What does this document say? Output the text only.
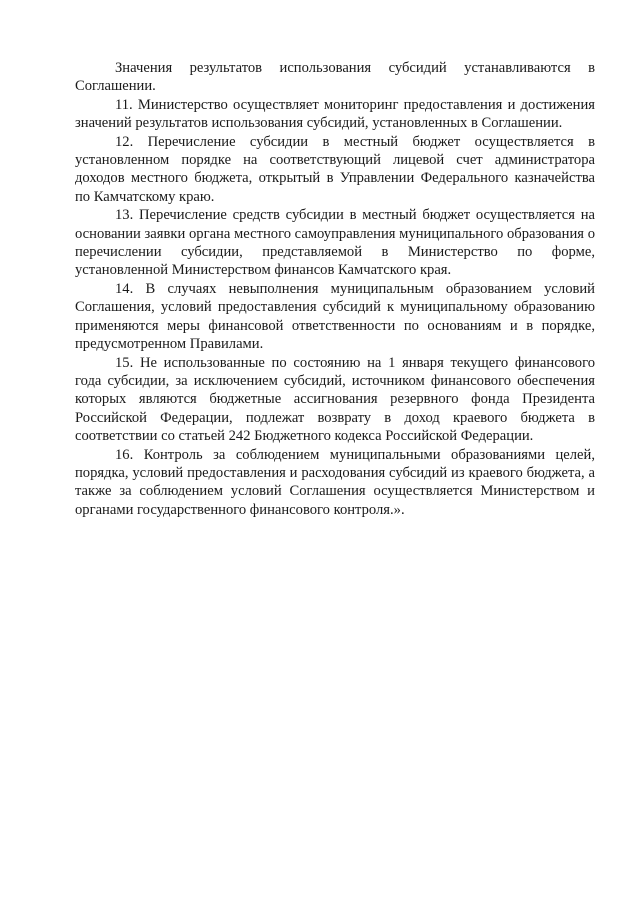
Значения результатов использования субсидий устанавливаются в Соглашении.

11. Министерство осуществляет мониторинг предоставления и достижения значений результатов использования субсидий, установленных в Соглашении.

12. Перечисление субсидии в местный бюджет осуществляется в установленном порядке на соответствующий лицевой счет администратора доходов местного бюджета, открытый в Управлении Федерального казначейства по Камчатскому краю.

13. Перечисление средств субсидии в местный бюджет осуществляется на основании заявки органа местного самоуправления муниципального образования о перечислении субсидии, представляемой в Министерство по форме, установленной Министерством финансов Камчатского края.

14. В случаях невыполнения муниципальным образованием условий Соглашения, условий предоставления субсидий к муниципальному образованию применяются меры финансовой ответственности по основаниям и в порядке, предусмотренном Правилами.

15. Не использованные по состоянию на 1 января текущего финансового года субсидии, за исключением субсидий, источником финансового обеспечения которых являются бюджетные ассигнования резервного фонда Президента Российской Федерации, подлежат возврату в доход краевого бюджета в соответствии со статьей 242 Бюджетного кодекса Российской Федерации.

16. Контроль за соблюдением муниципальными образованиями целей, порядка, условий предоставления и расходования субсидий из краевого бюджета, а также за соблюдением условий Соглашения осуществляется Министерством и органами государственного финансового контроля.».
